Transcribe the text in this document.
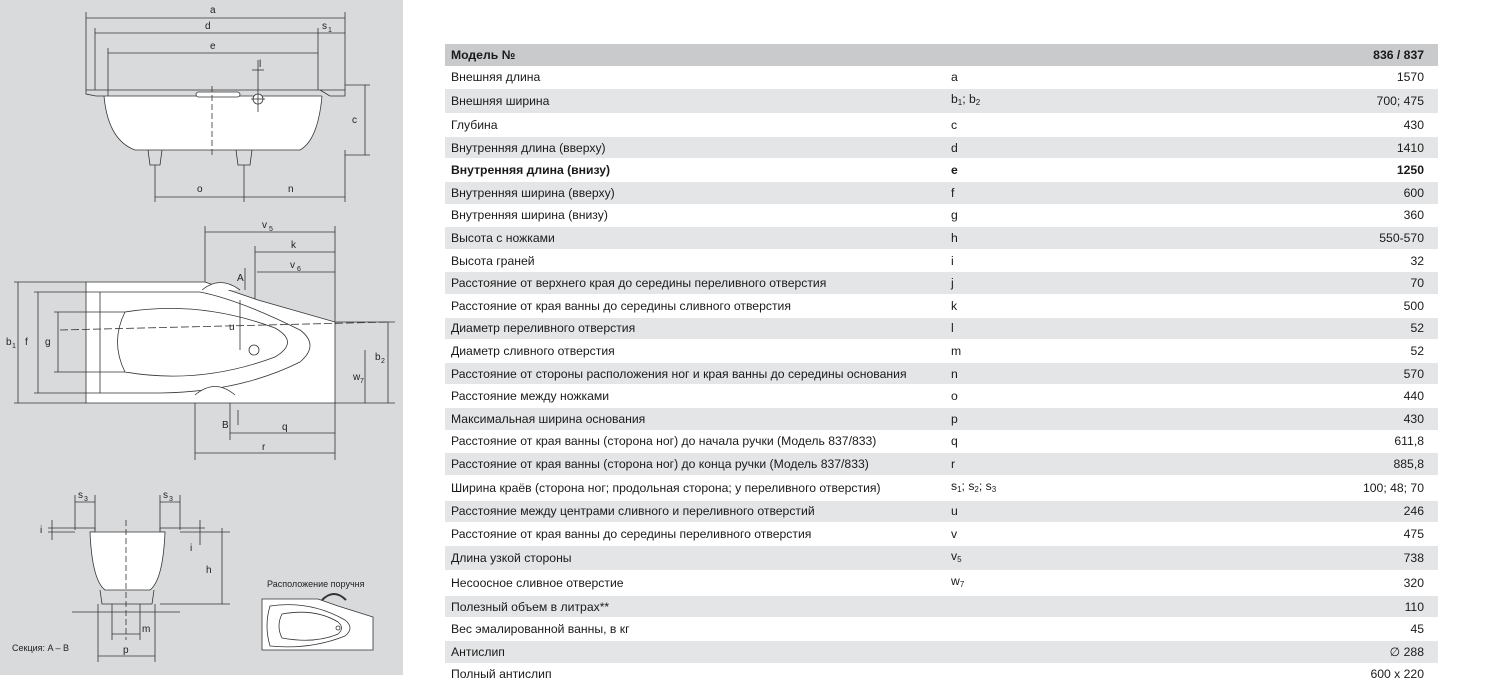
a
d	s 1
e
l
c
o	n
v 5
k
v 6
A
b 1 f g
u
w 7
b 2
B	q
r
s 3	s 3
i
i
h
m
p
Расположение поручня
Секция: A – B
Модель №		836 / 837
Внешняя длина	a	1570
Внешняя ширина	$b_1$; $b_2$	700; 475
Глубина	c	430
Внутренняя длина (вверху)	d	1410
Внутренняя длина (внизу)	e	1250
Внутренняя ширина (вверху)	f	600
Внутренняя ширина (внизу)	g	360
Высота с ножками	h	550-570
Высота граней	i	32
Расстояние от верхнего края до середины переливного отверстия	j	70
Расстояние от края ванны до середины сливного отверстия	k	500
Диаметр переливного отверстия	l	52
Диаметр сливного отверстия	m	52
Расстояние от стороны расположения ног и края ванны до середины основания	n	570
Расстояние между ножками	o	440
Максимальная ширина основания	p	430
Расстояние от края ванны (сторона ног) до начала ручки (Модель 837/833)	q	611,8
Расстояние от края ванны (сторона ног) до конца ручки (Модель 837/833)	r	885,8
Ширина краёв (сторона ног; продольная сторона; у переливного отверстия)	$s_1$; $s_2$; $s_3$	100; 48; 70
Расстояние между центрами сливного и переливного отверстий	u	246
Расстояние от края ванны до середины переливного отверстия	v	475
Длина узкой стороны	$v_5$	738
Несоосное сливное отверстие	$w_7$	320
Полезный объем в литрах**		110
Вес эмалированной ванны, в кг		45
Антислип		∅ 288
Полный антислип		600 x 220
